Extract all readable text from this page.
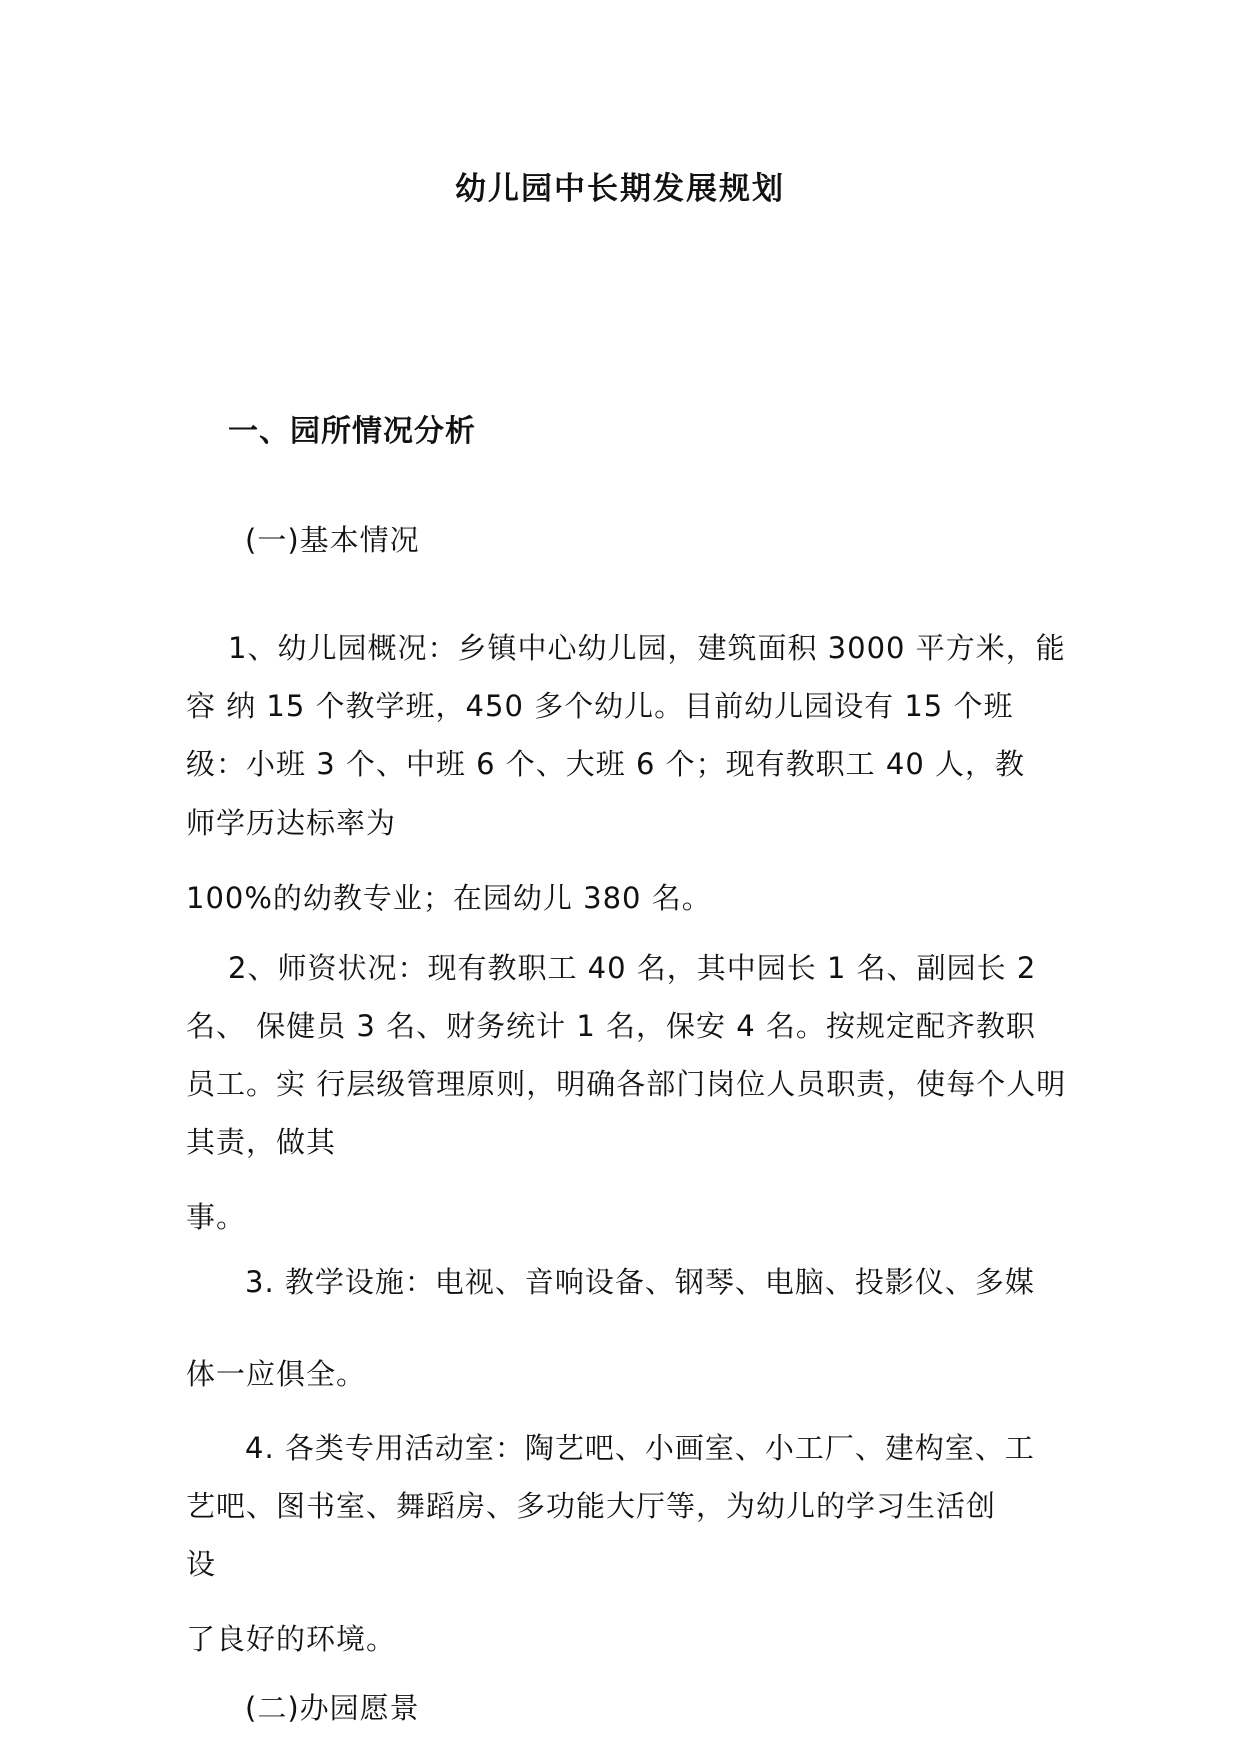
幼儿园中长期发展规划
一、园所情况分析
(一)基本情况
1、幼儿园概况：乡镇中心幼儿园，建筑面积 3000 平方米，能
容 纳 15 个教学班，450 多个幼儿。目前幼儿园设有 15 个班
级：小班 3 个、中班 6 个、大班 6 个；现有教职工 40 人，教
师学历达标率为
100%的幼教专业；在园幼儿 380 名。
2、师资状况：现有教职工 40 名，其中园长 1 名、副园长 2
名、 保健员 3 名、财务统计 1 名，保安 4 名。按规定配齐教职
员工。实 行层级管理原则，明确各部门岗位人员职责，使每个人明
其责，做其
事。
3. 教学设施：电视、音响设备、钢琴、电脑、投影仪、多媒
体一应俱全。
4. 各类专用活动室：陶艺吧、小画室、小工厂、建构室、工
艺吧、图书室、舞蹈房、多功能大厅等，为幼儿的学习生活创
设
了良好的环境。
(二)办园愿景
